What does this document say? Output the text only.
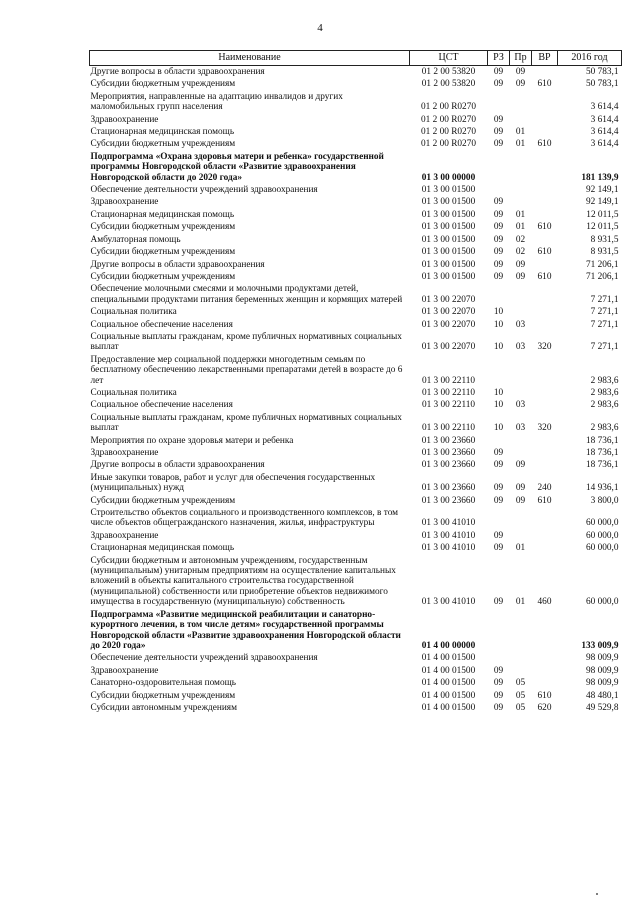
4
Наименование	ЦСТ	РЗ	Пр	ВР	2016 год
Другие вопросы в области здравоохранения	01 2 00 53820	09	09		50 783,1
Субсидии бюджетным учреждениям	01 2 00 53820	09	09	610	50 783,1
Мероприятия, направленные на адаптацию инвалидов и других маломобильных групп населения	01 2 00 R0270				3 614,4
Здравоохранение	01 2 00 R0270	09			3 614,4
Стационарная медицинская помощь	01 2 00 R0270	09	01		3 614,4
Субсидии бюджетным учреждениям	01 2 00 R0270	09	01	610	3 614,4
Подпрограмма «Охрана здоровья матери и ребенка» государственной программы Новгородской области «Развитие здравоохранения Новгородской области до 2020 года»	01 3 00 00000				181 139,9
Обеспечение деятельности учреждений здравоохранения	01 3 00 01500				92 149,1
Здравоохранение	01 3 00 01500	09			92 149,1
Стационарная медицинская помощь	01 3 00 01500	09	01		12 011,5
Субсидии бюджетным учреждениям	01 3 00 01500	09	01	610	12 011,5
Амбулаторная помощь	01 3 00 01500	09	02		8 931,5
Субсидии бюджетным учреждениям	01 3 00 01500	09	02	610	8 931,5
Другие вопросы в области здравоохранения	01 3 00 01500	09	09		71 206,1
Субсидии бюджетным учреждениям	01 3 00 01500	09	09	610	71 206,1
Обеспечение молочными смесями и молочными продуктами детей, специальными продуктами питания беременных женщин и кормящих матерей	01 3 00 22070				7 271,1
Социальная политика	01 3 00 22070	10			7 271,1
Социальное обеспечение населения	01 3 00 22070	10	03		7 271,1
Социальные выплаты гражданам, кроме публичных нормативных социальных выплат	01 3 00 22070	10	03	320	7 271,1
Предоставление мер социальной поддержки многодетным семьям по бесплатному обеспечению лекарственными препаратами детей в возрасте до 6 лет	01 3 00 22110				2 983,6
Социальная политика	01 3 00 22110	10			2 983,6
Социальное обеспечение населения	01 3 00 22110	10	03		2 983,6
Социальные выплаты гражданам, кроме публичных нормативных социальных выплат	01 3 00 22110	10	03	320	2 983,6
Мероприятия по охране здоровья матери и ребенка	01 3 00 23660				18 736,1
Здравоохранение	01 3 00 23660	09			18 736,1
Другие вопросы в области здравоохранения	01 3 00 23660	09	09		18 736,1
Иные закупки товаров, работ и услуг для обеспечения государственных (муниципальных) нужд	01 3 00 23660	09	09	240	14 936,1
Субсидии бюджетным учреждениям	01 3 00 23660	09	09	610	3 800,0
Строительство объектов социального и производственного комплексов, в том числе объектов общегражданского назначения, жилья, инфраструктуры	01 3 00 41010				60 000,0
Здравоохранение	01 3 00 41010	09			60 000,0
Стационарная медицинская помощь	01 3 00 41010	09	01		60 000,0
Субсидии бюджетным и автономным учреждениям, государственным (муниципальным) унитарным предприятиям на осуществление капитальных вложений в объекты капитального строительства государственной (муниципальной) собственности или приобретение объектов недвижимого имущества в государственную (муниципальную) собственность	01 3 00 41010	09	01	460	60 000,0
Подпрограмма «Развитие медицинской реабилитации и санаторно-курортного лечения, в том числе детям» государственной программы Новгородской области «Развитие здравоохранения Новгородской области до 2020 года»	01 4 00 00000				133 009,9
Обеспечение деятельности учреждений здравоохранения	01 4 00 01500				98 009,9
Здравоохранение	01 4 00 01500	09			98 009,9
Санаторно-оздоровительная помощь	01 4 00 01500	09	05		98 009,9
Субсидии бюджетным учреждениям	01 4 00 01500	09	05	610	48 480,1
Субсидии автономным учреждениям	01 4 00 01500	09	05	620	49 529,8
